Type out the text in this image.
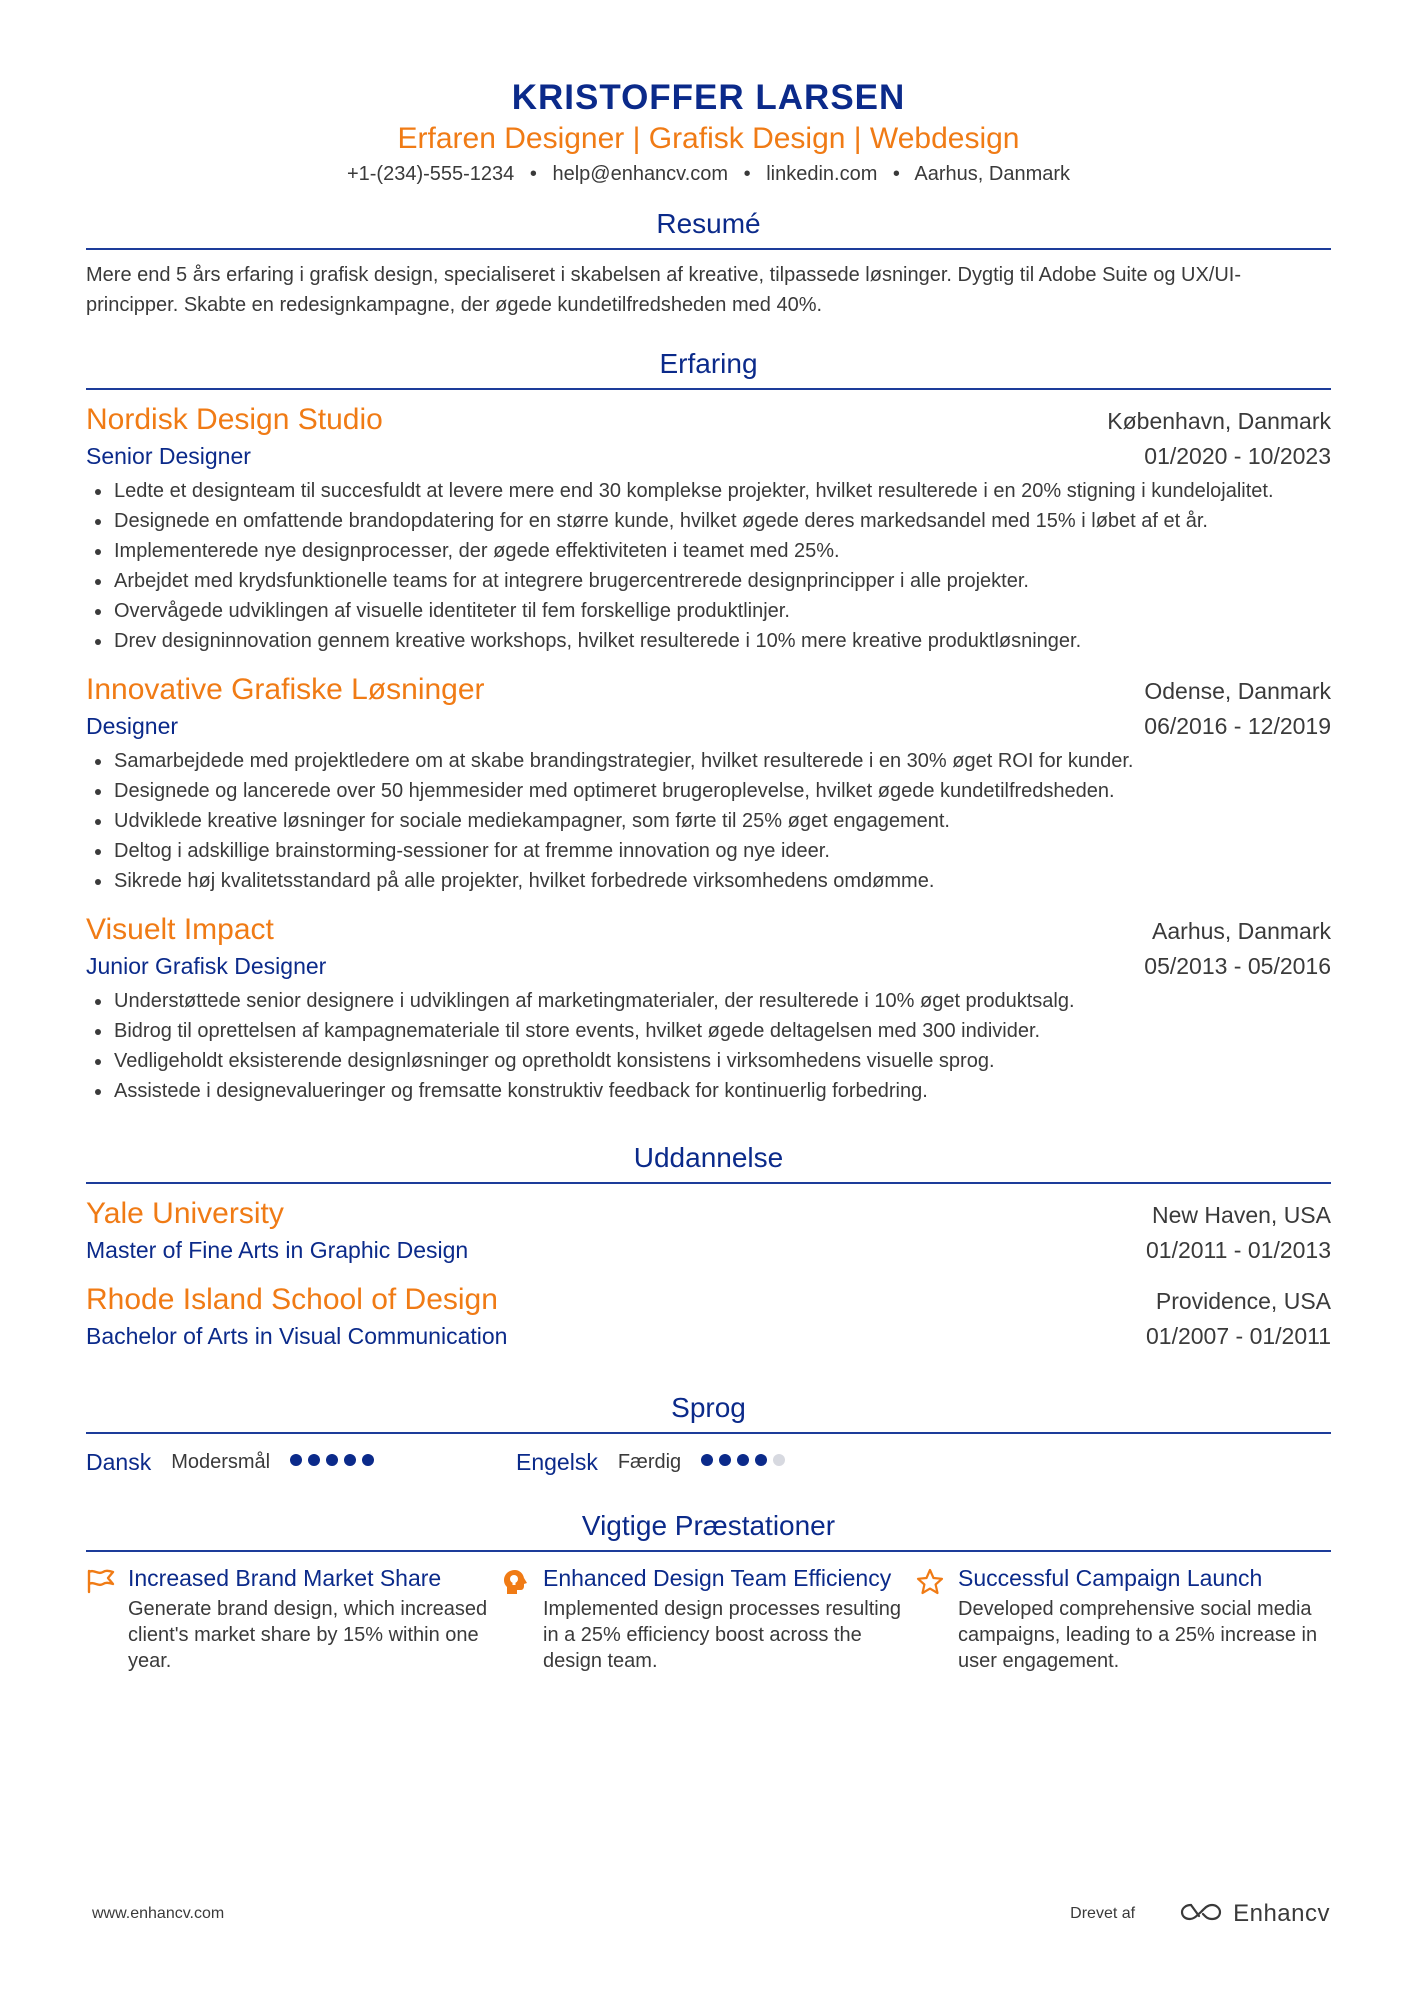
KRISTOFFER LARSEN
Erfaren Designer | Grafisk Design | Webdesign
+1-(234)-555-1234 • help@enhancv.com • linkedin.com • Aarhus, Danmark
Resumé
Mere end 5 års erfaring i grafisk design, specialiseret i skabelsen af kreative, tilpassede løsninger. Dygtig til Adobe Suite og UX/UI-principper. Skabte en redesignkampagne, der øgede kundetilfredsheden med 40%.
Erfaring
Nordisk Design Studio	København, Danmark
Senior Designer	01/2020 - 10/2023
Ledte et designteam til succesfuldt at levere mere end 30 komplekse projekter, hvilket resulterede i en 20% stigning i kundelojalitet.
Designede en omfattende brandopdatering for en større kunde, hvilket øgede deres markedsandel med 15% i løbet af et år.
Implementerede nye designprocesser, der øgede effektiviteten i teamet med 25%.
Arbejdet med krydsfunktionelle teams for at integrere brugercentrerede designprincipper i alle projekter.
Overvågede udviklingen af visuelle identiteter til fem forskellige produktlinjer.
Drev designinnovation gennem kreative workshops, hvilket resulterede i 10% mere kreative produktløsninger.
Innovative Grafiske Løsninger	Odense, Danmark
Designer	06/2016 - 12/2019
Samarbejdede med projektledere om at skabe brandingstrategier, hvilket resulterede i en 30% øget ROI for kunder.
Designede og lancerede over 50 hjemmesider med optimeret brugeroplevelse, hvilket øgede kundetilfredsheden.
Udviklede kreative løsninger for sociale mediekampagner, som førte til 25% øget engagement.
Deltog i adskillige brainstorming-sessioner for at fremme innovation og nye ideer.
Sikrede høj kvalitetsstandard på alle projekter, hvilket forbedrede virksomhedens omdømme.
Visuelt Impact	Aarhus, Danmark
Junior Grafisk Designer	05/2013 - 05/2016
Understøttede senior designere i udviklingen af marketingmaterialer, der resulterede i 10% øget produktsalg.
Bidrog til oprettelsen af kampagnemateriale til store events, hvilket øgede deltagelsen med 300 individer.
Vedligeholdt eksisterende designløsninger og opretholdt konsistens i virksomhedens visuelle sprog.
Assistede i designevalueringer og fremsatte konstruktiv feedback for kontinuerlig forbedring.
Uddannelse
Yale University	New Haven, USA
Master of Fine Arts in Graphic Design	01/2011 - 01/2013
Rhode Island School of Design	Providence, USA
Bachelor of Arts in Visual Communication	01/2007 - 01/2011
Sprog
Dansk Modersmål	Engelsk Færdig
Vigtige Præstationer
Increased Brand Market Share
Generate brand design, which increased client's market share by 15% within one year.
Enhanced Design Team Efficiency
Implemented design processes resulting in a 25% efficiency boost across the design team.
Successful Campaign Launch
Developed comprehensive social media campaigns, leading to a 25% increase in user engagement.
www.enhancv.com	Drevet af	Enhancv
